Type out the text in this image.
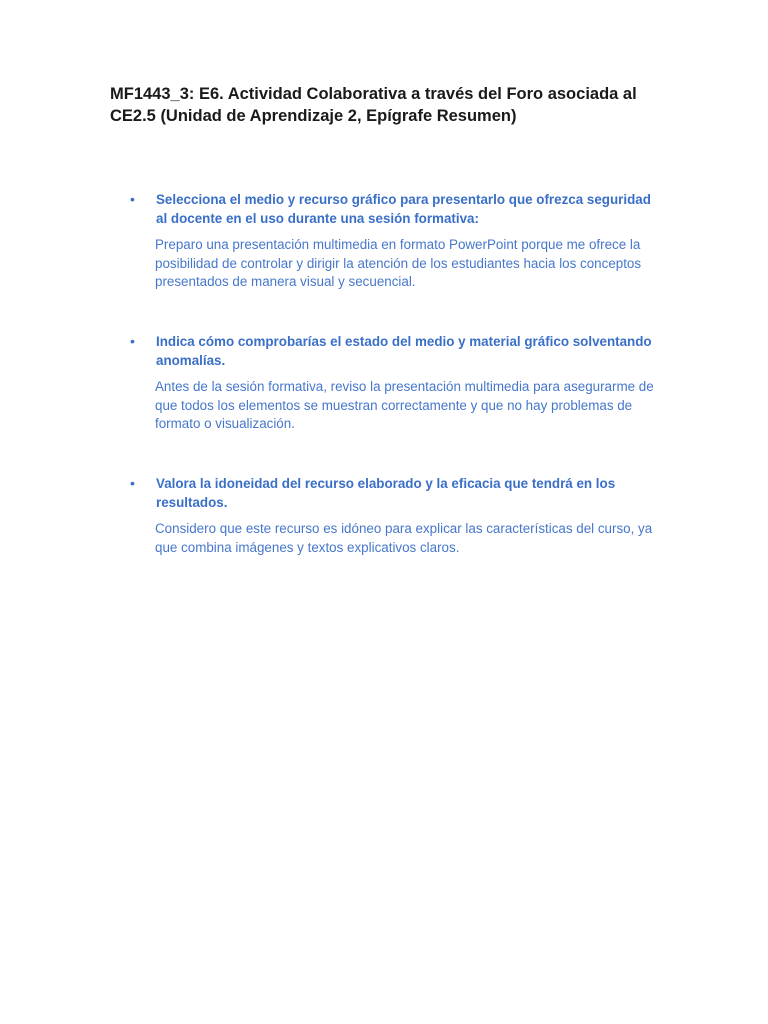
MF1443_3: E6. Actividad Colaborativa a través del Foro asociada al CE2.5 (Unidad de Aprendizaje 2, Epígrafe Resumen)
•	Selecciona el medio y recurso gráfico para presentarlo que ofrezca seguridad al docente en el uso durante una sesión formativa:

Preparo una presentación multimedia en formato PowerPoint porque me ofrece la posibilidad de controlar y dirigir la atención de los estudiantes hacia los conceptos presentados de manera visual y secuencial.

•	Indica cómo comprobarías el estado del medio y material gráfico solventando anomalías.

Antes de la sesión formativa, reviso la presentación multimedia para asegurarme de que todos los elementos se muestran correctamente y que no hay problemas de formato o visualización.

•	Valora la idoneidad del recurso elaborado y la eficacia que tendrá en los resultados.

Considero que este recurso es idóneo para explicar las características del curso, ya que combina imágenes y textos explicativos claros.
